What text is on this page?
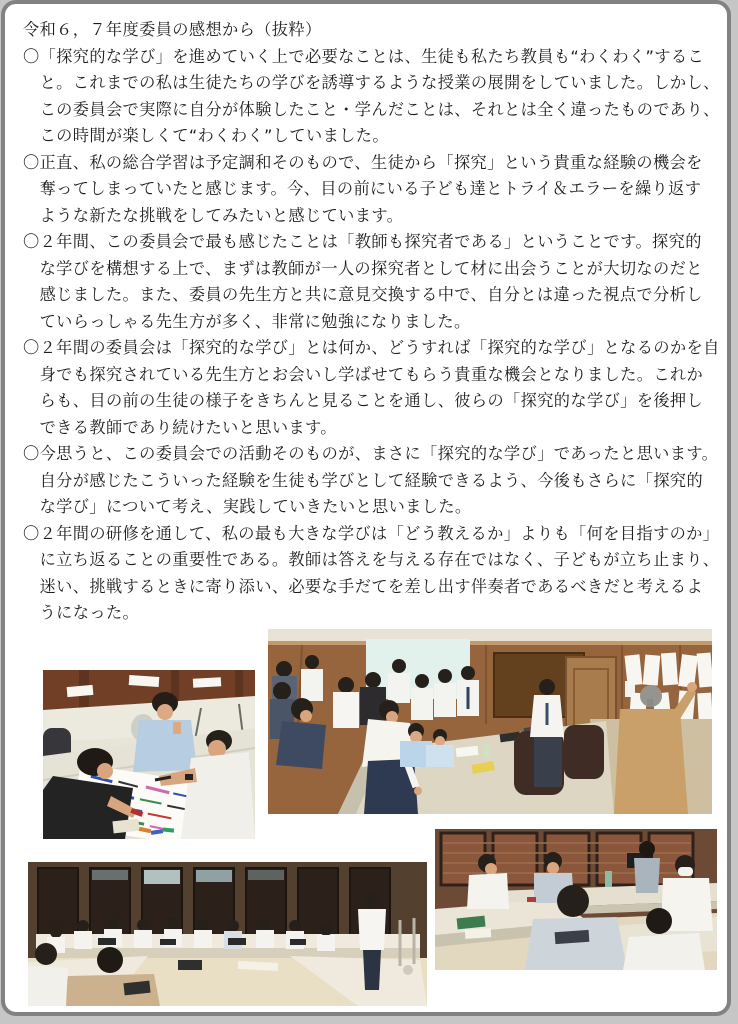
令和６，７年度委員の感想から（抜粋）
〇「探究的な学び」を進めていく上で必要なことは、生徒も私たち教員も“わくわく”するこ
と。これまでの私は生徒たちの学びを誘導するような授業の展開をしていました。しかし、
この委員会で実際に自分が体験したこと・学んだことは、それとは全く違ったものであり、
この時間が楽しくて“わくわく”していました。
〇正直、私の総合学習は予定調和そのもので、生徒から「探究」という貴重な経験の機会を
奪ってしまっていたと感じます。今、目の前にいる子ども達とトライ＆エラーを繰り返す
ような新たな挑戦をしてみたいと感じています。
〇２年間、この委員会で最も感じたことは「教師も探究者である」ということです。探究的
な学びを構想する上で、まずは教師が一人の探究者として材に出会うことが大切なのだと
感じました。また、委員の先生方と共に意見交換する中で、自分とは違った視点で分析し
ていらっしゃる先生方が多く、非常に勉強になりました。
〇２年間の委員会は「探究的な学び」とは何か、どうすれば「探究的な学び」となるのかを自
身でも探究されている先生方とお会いし学ばせてもらう貴重な機会となりました。これか
らも、目の前の生徒の様子をきちんと見ることを通し、彼らの「探究的な学び」を後押し
できる教師であり続けたいと思います。
〇今思うと、この委員会での活動そのものが、まさに「探究的な学び」であったと思います。
自分が感じたこういった経験を生徒も学びとして経験できるよう、今後もさらに「探究的
な学び」について考え、実践していきたいと思いました。
〇２年間の研修を通して、私の最も大きな学びは「どう教えるか」よりも「何を目指すのか」
に立ち返ることの重要性である。教師は答えを与える存在ではなく、子どもが立ち止まり、
迷い、挑戦するときに寄り添い、必要な手だてを差し出す伴奏者であるべきだと考えるよ
うになった。
